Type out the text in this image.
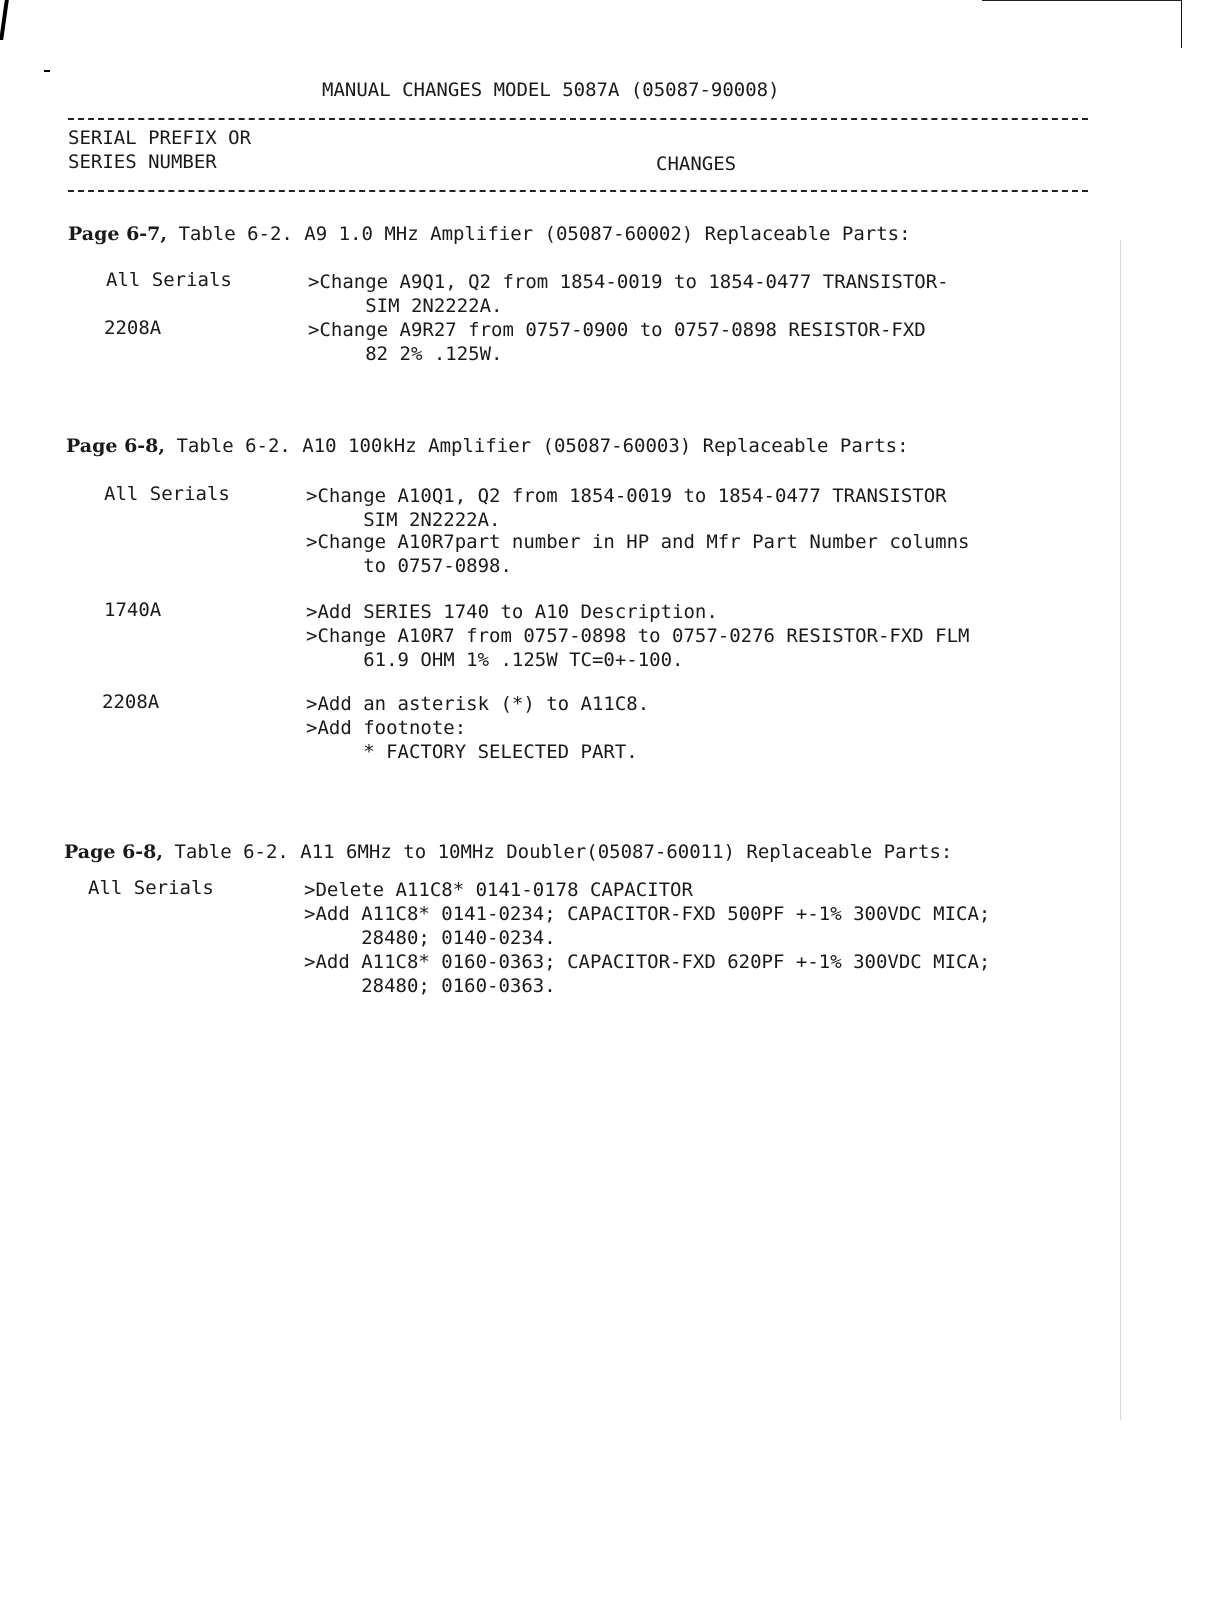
MANUAL CHANGES MODEL 5087A (05087-90008)
SERIAL PREFIX OR
SERIES NUMBER	CHANGES
Page 6-7, Table 6-2. A9 1.0 MHz Amplifier (05087-60002) Replaceable Parts:
All Serials	>Change A9Q1, Q2 from 1854-0019 to 1854-0477 TRANSISTOR-
SIM 2N2222A.
2208A	>Change A9R27 from 0757-0900 to 0757-0898 RESISTOR-FXD
82 2% .125W.
Page 6-8, Table 6-2. A10 100kHz Amplifier (05087-60003) Replaceable Parts:
All Serials	>Change A10Q1, Q2 from 1854-0019 to 1854-0477 TRANSISTOR
SIM 2N2222A.
>Change A10R7part number in HP and Mfr Part Number columns
to 0757-0898.
1740A	>Add SERIES 1740 to A10 Description.
>Change A10R7 from 0757-0898 to 0757-0276 RESISTOR-FXD FLM
61.9 OHM 1% .125W TC=0+-100.
2208A	>Add an asterisk (*) to A11C8.
>Add footnote:
* FACTORY SELECTED PART.
Page 6-8, Table 6-2. A11 6MHz to 10MHz Doubler(05087-60011) Replaceable Parts:
All Serials	>Delete A11C8* 0141-0178 CAPACITOR
>Add A11C8* 0141-0234; CAPACITOR-FXD 500PF +-1% 300VDC MICA;
28480; 0140-0234.
>Add A11C8* 0160-0363; CAPACITOR-FXD 620PF +-1% 300VDC MICA;
28480; 0160-0363.
